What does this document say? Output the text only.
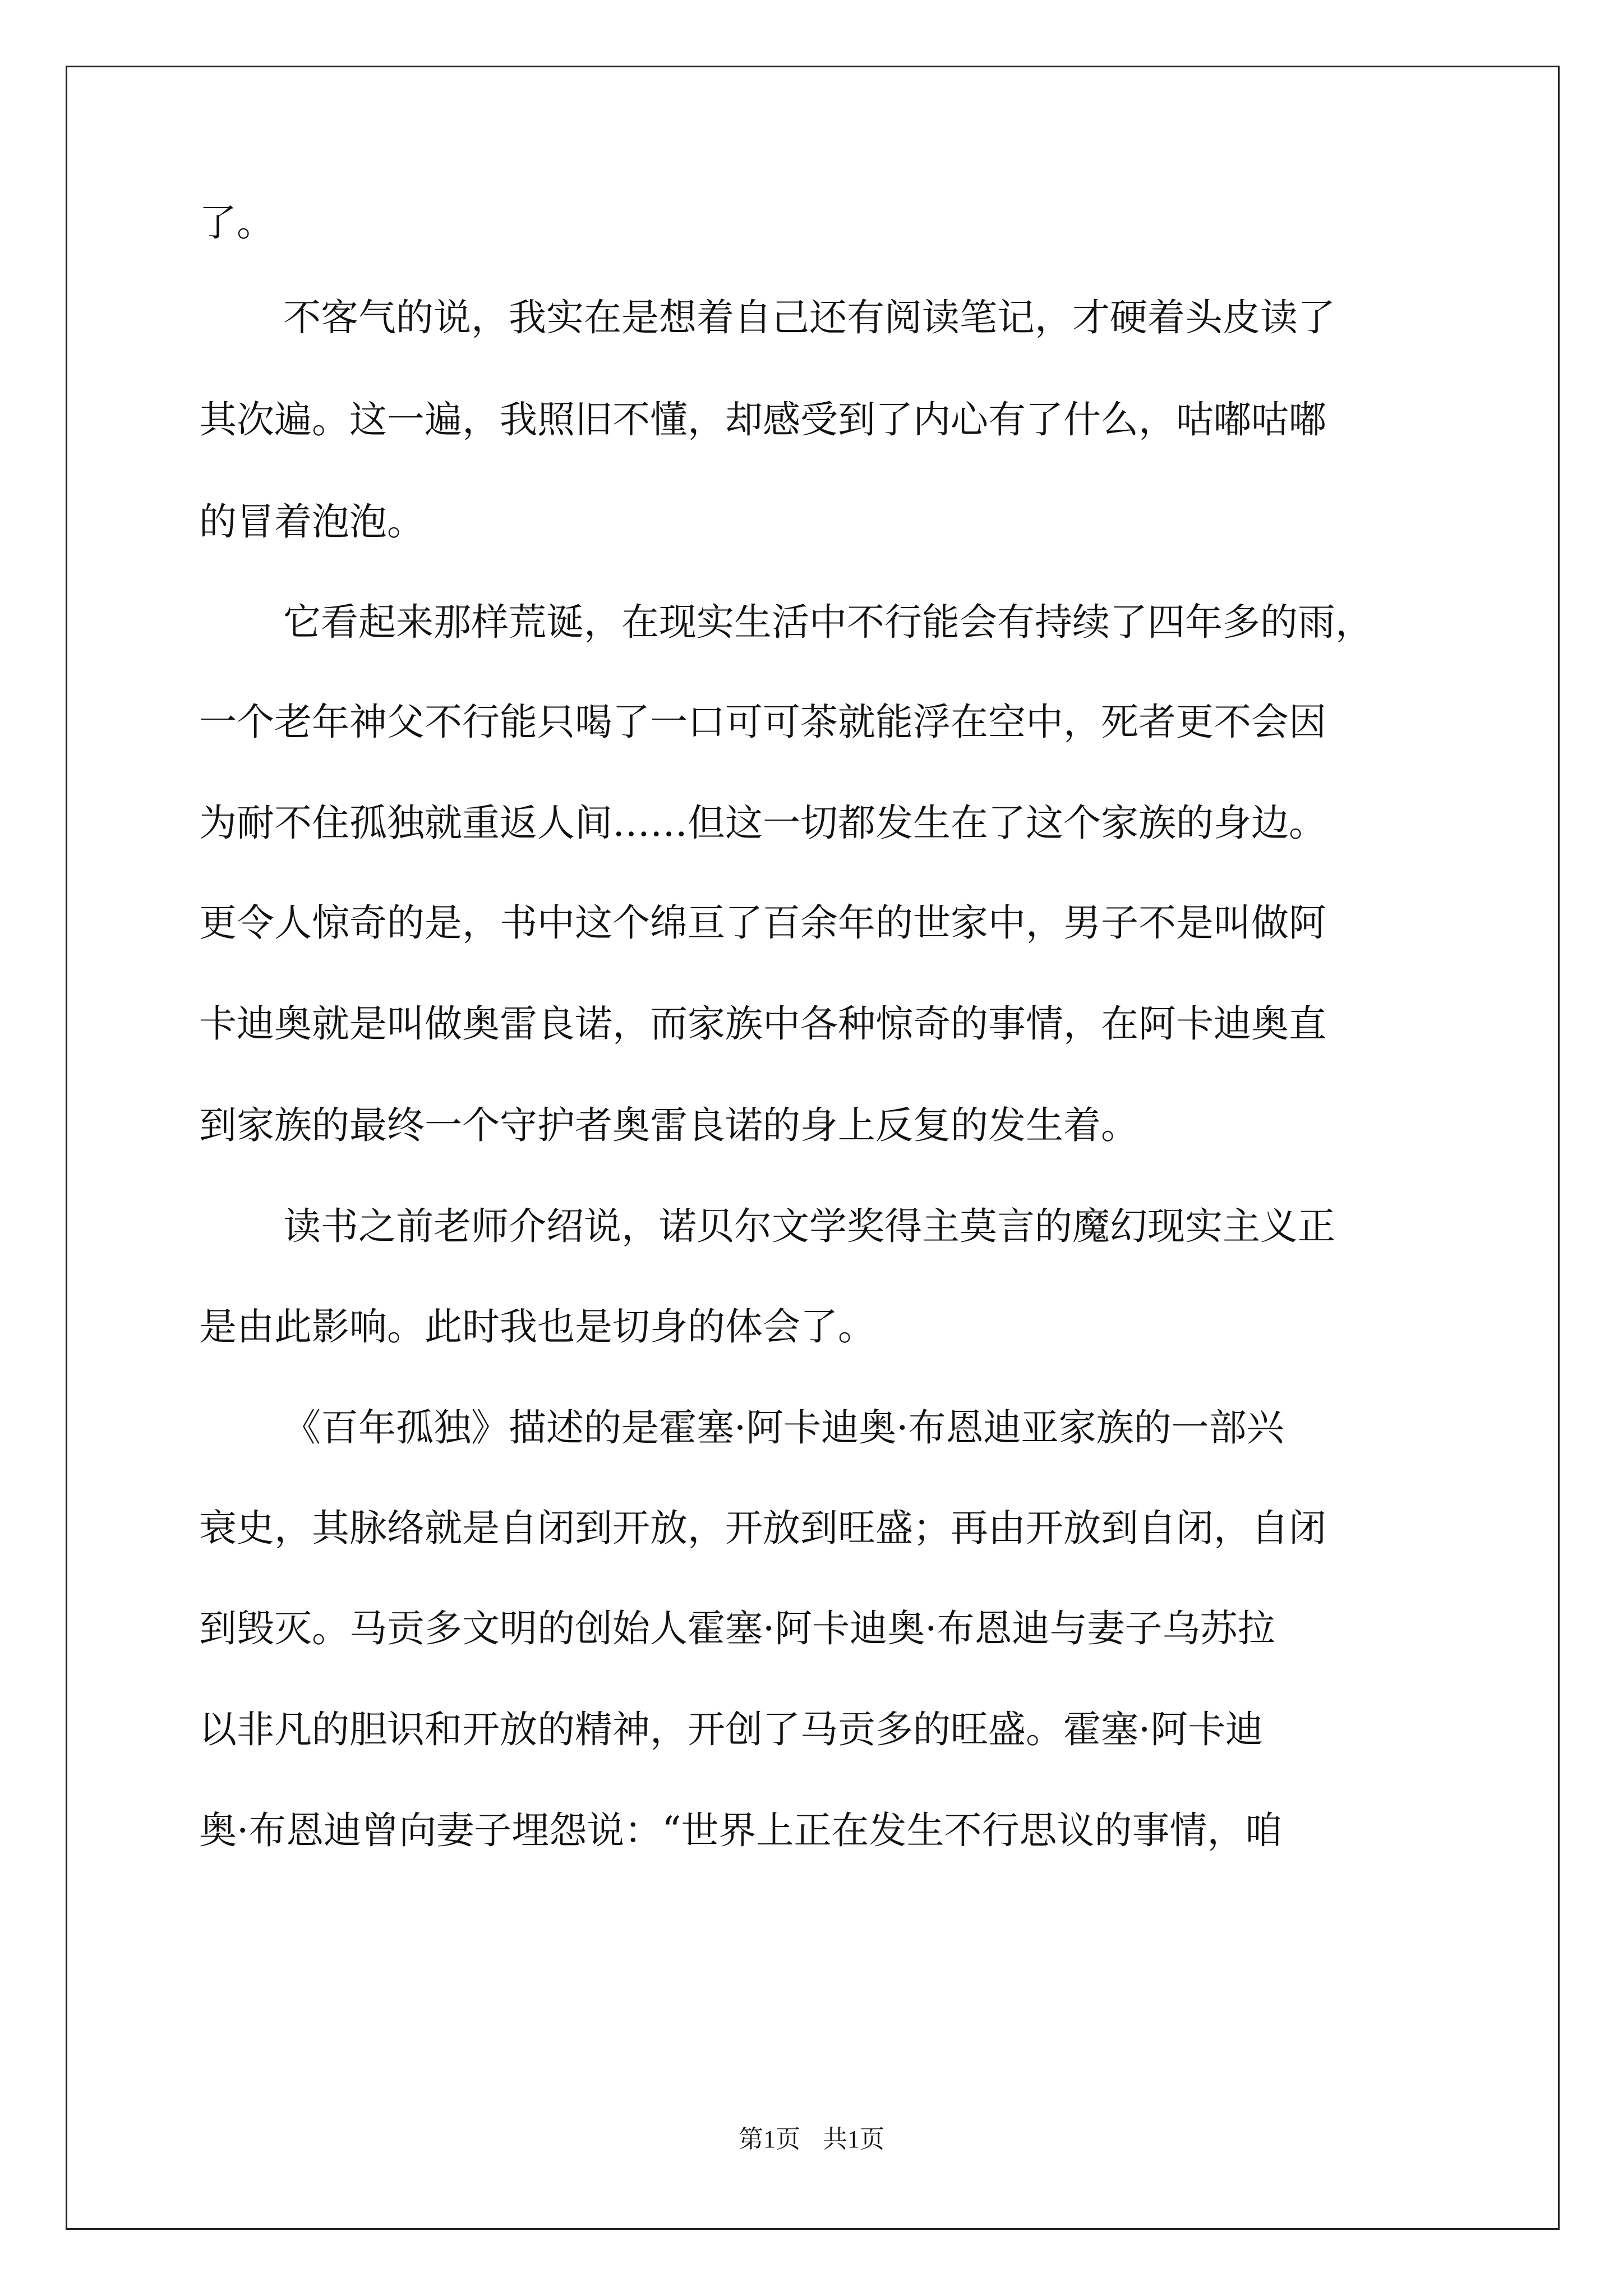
了。
不客气的说，我实在是想着自己还有阅读笔记，才硬着头皮读了
其次遍。这一遍，我照旧不懂，却感受到了内心有了什么，咕嘟咕嘟
的冒着泡泡。
它看起来那样荒诞，在现实生活中不行能会有持续了四年多的雨，
一个老年神父不行能只喝了一口可可茶就能浮在空中，死者更不会因
为耐不住孤独就重返人间……但这一切都发生在了这个家族的身边。
更令人惊奇的是，书中这个绵亘了百余年的世家中，男子不是叫做阿
卡迪奥就是叫做奥雷良诺，而家族中各种惊奇的事情，在阿卡迪奥直
到家族的最终一个守护者奥雷良诺的身上反复的发生着。
读书之前老师介绍说，诺贝尔文学奖得主莫言的魔幻现实主义正
是由此影响。此时我也是切身的体会了。
《百年孤独》描述的是霍塞·阿卡迪奥·布恩迪亚家族的一部兴
衰史，其脉络就是自闭到开放，开放到旺盛；再由开放到自闭，自闭
到毁灭。马贡多文明的创始人霍塞·阿卡迪奥·布恩迪与妻子乌苏拉
以非凡的胆识和开放的精神，开创了马贡多的旺盛。霍塞·阿卡迪
奥·布恩迪曾向妻子埋怨说：“世界上正在发生不行思议的事情，咱
第1页 共1页
